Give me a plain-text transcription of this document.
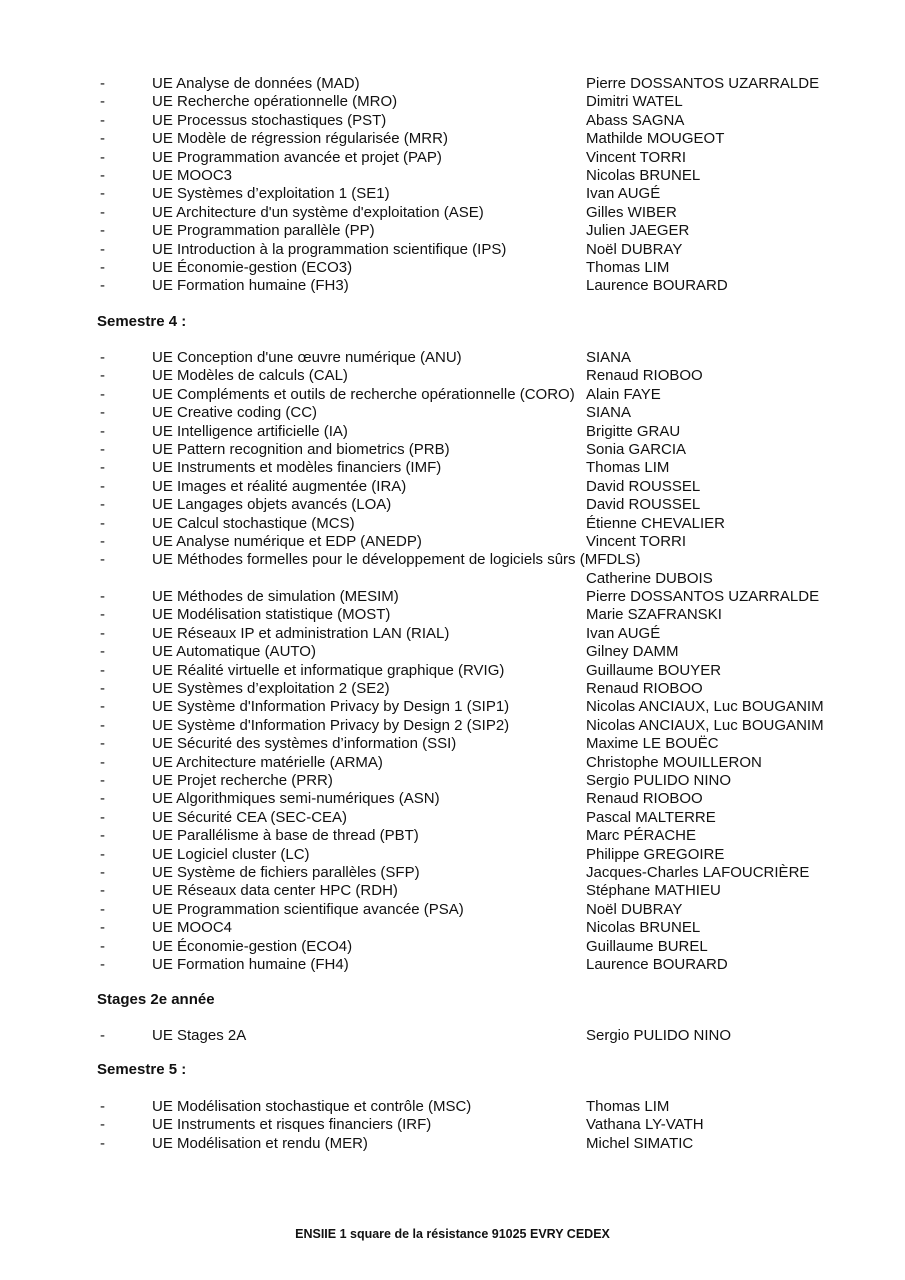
-	UE Analyse de données (MAD)	Pierre DOSSANTOS UZARRALDE
-	UE Recherche opérationnelle (MRO)	Dimitri WATEL
-	UE Processus stochastiques (PST)	Abass SAGNA
-	UE Modèle de régression régularisée (MRR)	Mathilde MOUGEOT
-	UE Programmation avancée et projet (PAP)	Vincent TORRI
-	UE MOOC3	Nicolas BRUNEL
-	UE Systèmes d’exploitation 1 (SE1)	Ivan AUGÉ
-	UE Architecture d'un système d'exploitation (ASE)	Gilles WIBER
-	UE Programmation parallèle (PP)	Julien JAEGER
-	UE Introduction à la programmation scientifique (IPS)	Noël DUBRAY
-	UE Économie-gestion (ECO3)	Thomas LIM
-	UE Formation humaine (FH3)	Laurence BOURARD
Semestre 4 :
-	UE Conception d'une œuvre numérique (ANU)	SIANA
-	UE Modèles de calculs (CAL)	Renaud RIOBOO
-	UE Compléments et outils de recherche opérationnelle (CORO) Alain FAYE
-	UE Creative coding (CC)	SIANA
-	UE Intelligence artificielle (IA)	Brigitte GRAU
-	UE Pattern recognition and biometrics (PRB)	Sonia GARCIA
-	UE Instruments et modèles financiers (IMF)	Thomas LIM
-	UE Images et réalité augmentée (IRA)	David ROUSSEL
-	UE Langages objets avancés (LOA)	David ROUSSEL
-	UE Calcul stochastique (MCS)	Étienne CHEVALIER
-	UE Analyse numérique et EDP (ANEDP)	Vincent TORRI
-	UE Méthodes formelles pour le développement de logiciels sûrs (MFDLS)
Catherine DUBOIS
-	UE Méthodes de simulation (MESIM)	Pierre DOSSANTOS UZARRALDE
-	UE Modélisation statistique (MOST)	Marie SZAFRANSKI
-	UE Réseaux IP et administration LAN (RIAL)	Ivan AUGÉ
-	UE Automatique (AUTO)	Gilney DAMM
-	UE Réalité virtuelle et informatique graphique (RVIG)	Guillaume BOUYER
-	UE Systèmes d’exploitation 2 (SE2)	Renaud RIOBOO
-	UE Système d'Information Privacy by Design 1 (SIP1)	Nicolas ANCIAUX, Luc BOUGANIM
-	UE Système d'Information Privacy by Design 2 (SIP2)	Nicolas ANCIAUX, Luc BOUGANIM
-	UE Sécurité des systèmes d’information (SSI)	Maxime LE BOUËC
-	UE Architecture matérielle (ARMA)	Christophe MOUILLERON
-	UE Projet recherche (PRR)	Sergio PULIDO NINO
-	UE Algorithmiques semi-numériques (ASN)	Renaud RIOBOO
-	UE Sécurité CEA (SEC-CEA)	Pascal MALTERRE
-	UE Parallélisme à base de thread (PBT)	Marc PÉRACHE
-	UE Logiciel cluster (LC)	Philippe GREGOIRE
-	UE Système de fichiers parallèles (SFP)	Jacques-Charles LAFOUCRIÈRE
-	UE Réseaux data center HPC (RDH)	Stéphane MATHIEU
-	UE Programmation scientifique avancée (PSA)	Noël DUBRAY
-	UE MOOC4	Nicolas BRUNEL
-	UE Économie-gestion (ECO4)	Guillaume BUREL
-	UE Formation humaine (FH4)	Laurence BOURARD
Stages 2e année
-	UE Stages 2A	Sergio PULIDO NINO
Semestre 5 :
-	UE Modélisation stochastique et contrôle (MSC)	Thomas LIM
-	UE Instruments et risques financiers (IRF)	Vathana LY-VATH
-	UE Modélisation et rendu (MER)	Michel SIMATIC
ENSIIE 1 square de la résistance 91025 EVRY CEDEX
